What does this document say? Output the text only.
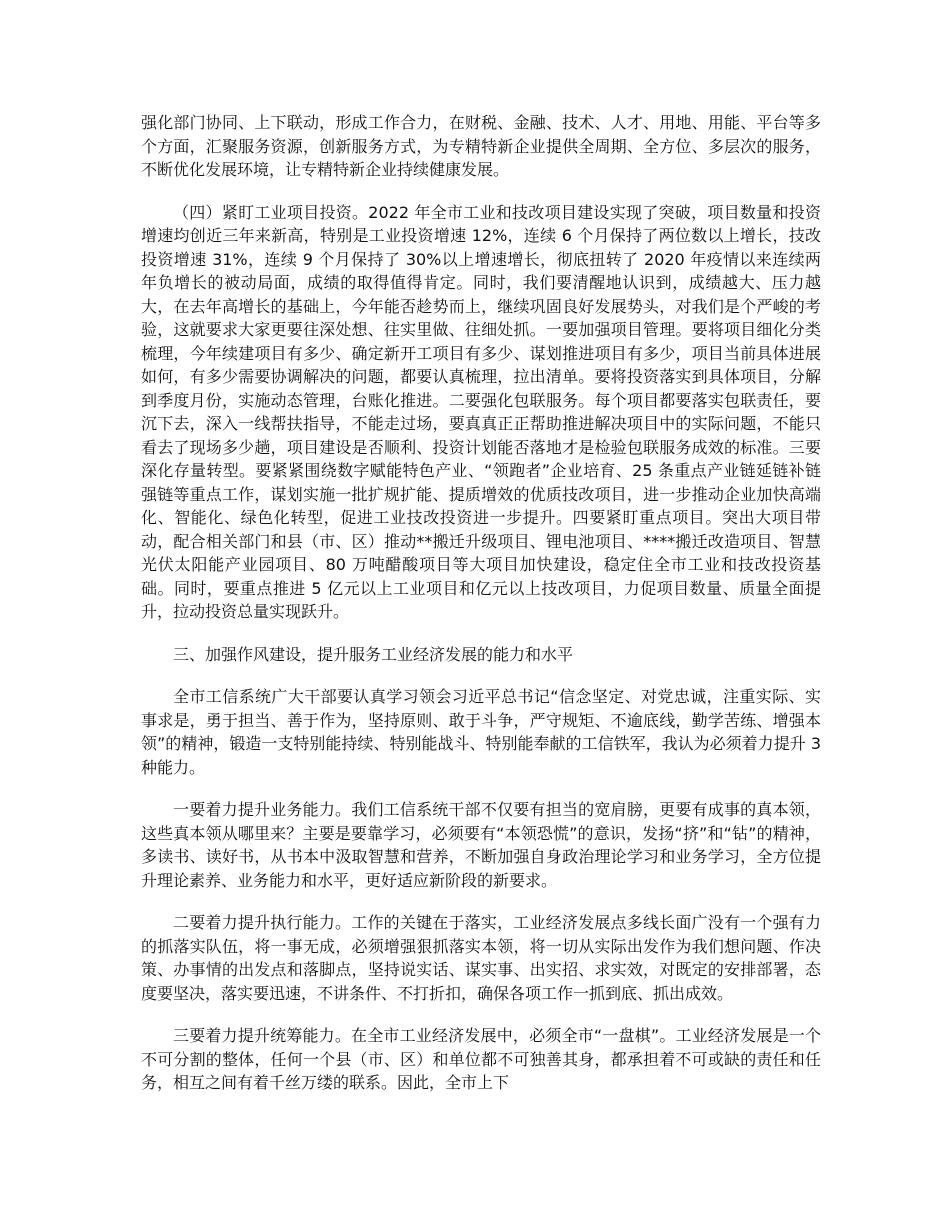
强化部门协同、上下联动，形成工作合力，在财税、金融、技术、人才、用地、用能、平台等多个方面，汇聚服务资源，创新服务方式，为专精特新企业提供全周期、全方位、多层次的服务，不断优化发展环境，让专精特新企业持续健康发展。

（四）紧盯工业项目投资。2022 年全市工业和技改项目建设实现了突破，项目数量和投资增速均创近三年来新高，特别是工业投资增速 12%，连续 6 个月保持了两位数以上增长，技改投资增速 31%，连续 9 个月保持了 30%以上增速增长，彻底扭转了 2020 年疫情以来连续两年负增长的被动局面，成绩的取得值得肯定。同时，我们要清醒地认识到，成绩越大、压力越大，在去年高增长的基础上，今年能否趁势而上，继续巩固良好发展势头，对我们是个严峻的考验，这就要求大家更要往深处想、往实里做、往细处抓。一要加强项目管理。要将项目细化分类梳理，今年续建项目有多少、确定新开工项目有多少、谋划推进项目有多少，项目当前具体进展如何，有多少需要协调解决的问题，都要认真梳理，拉出清单。要将投资落实到具体项目，分解到季度月份，实施动态管理，台账化推进。二要强化包联服务。每个项目都要落实包联责任，要沉下去，深入一线帮扶指导，不能走过场，要真真正正帮助推进解决项目中的实际问题，不能只看去了现场多少趟，项目建设是否顺利、投资计划能否落地才是检验包联服务成效的标准。三要深化存量转型。要紧紧围绕数字赋能特色产业、“领跑者”企业培育、25 条重点产业链延链补链强链等重点工作，谋划实施一批扩规扩能、提质增效的优质技改项目，进一步推动企业加快高端化、智能化、绿色化转型，促进工业技改投资进一步提升。四要紧盯重点项目。突出大项目带动，配合相关部门和县（市、区）推动**搬迁升级项目、锂电池项目、****搬迁改造项目、智慧光伏太阳能产业园项目、80 万吨醋酸项目等大项目加快建设，稳定住全市工业和技改投资基础。同时，要重点推进 5 亿元以上工业项目和亿元以上技改项目，力促项目数量、质量全面提升，拉动投资总量实现跃升。

三、加强作风建设，提升服务工业经济发展的能力和水平

全市工信系统广大干部要认真学习领会习近平总书记“信念坚定、对党忠诚，注重实际、实事求是，勇于担当、善于作为，坚持原则、敢于斗争，严守规矩、不逾底线，勤学苦练、增强本领”的精神，锻造一支特别能持续、特别能战斗、特别能奉献的工信铁军，我认为必须着力提升 3 种能力。

一要着力提升业务能力。我们工信系统干部不仅要有担当的宽肩膀，更要有成事的真本领，这些真本领从哪里来？主要是要靠学习，必须要有“本领恐慌”的意识，发扬“挤”和“钻”的精神，多读书、读好书，从书本中汲取智慧和营养，不断加强自身政治理论学习和业务学习，全方位提升理论素养、业务能力和水平，更好适应新阶段的新要求。

二要着力提升执行能力。工作的关键在于落实，工业经济发展点多线长面广没有一个强有力的抓落实队伍，将一事无成，必须增强狠抓落实本领，将一切从实际出发作为我们想问题、作决策、办事情的出发点和落脚点，坚持说实话、谋实事、出实招、求实效，对既定的安排部署，态度要坚决，落实要迅速，不讲条件、不打折扣，确保各项工作一抓到底、抓出成效。

三要着力提升统筹能力。在全市工业经济发展中，必须全市“一盘棋”。工业经济发展是一个不可分割的整体，任何一个县（市、区）和单位都不可独善其身，都承担着不可或缺的责任和任务，相互之间有着千丝万缕的联系。因此，全市上下
